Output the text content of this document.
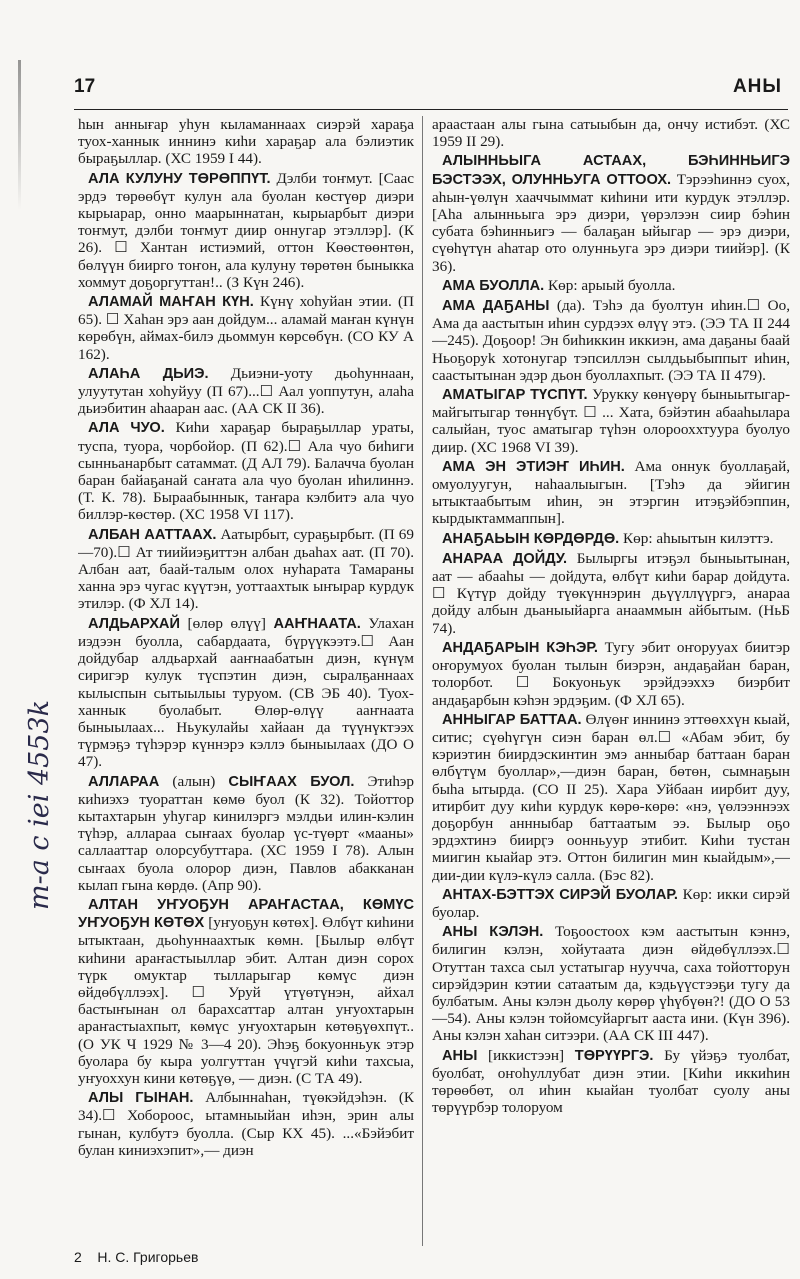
17	АНЫ

һын аннығар уһун кыламаннаах сиэрэй хараҕа туох-ханнык иннинэ киһи хараҕар ала бэлиэтик быраҕыллар. (ХС 1959 I 44).

АЛА КУЛУНУ ТӨРӨППҮТ. Дэлби тоҥмут. [Саас эрдэ төрөөбүт кулун ала буолан көстүөр диэри кырыарар, онно маарыннатан, кырыарбыт диэри тоҥмут, дэлби тоҥмут диир оннугар этэллэр]. (К 26). ☐ Хантан истиэмий, оттон Көөстөөнтөн, бөлүүн биирго тоҥон, ала кулуну төрөтөн быныкка хоммут доҕоргуттан!.. (З Күн 246).

АЛАМАЙ МАҤАН КҮН. Күнү хоһуйан этии. (П 65). ☐ Хаһан эрэ аан дойдум... аламай маҥан күнүн көрөбүн, аймах-билэ дьоммун көрсөбүн. (СО КУ А 162).

АЛАҺА ДЬИЭ. Дьиэни-уоту дьоһуннаан, улуутутан хоһуйуу (П 67)...☐ Аал уоппутун, алаһа дьиэбитин аһааран аас. (АА СК II 36).

АЛА ЧУО. Киһи хараҕар быраҕыллар ураты, туспа, туора, чорбойор. (П 62).☐ Ала чуо биһиги сынньанарбыт сатаммат. (Д АЛ 79). Балачча буолан баран байаҕанай саҥата ала чуо буолан иһилиннэ. (Т. К. 78). Быраабыннык, таҥара кэлбитэ ала чуо биллэр-көстөр. (ХС 1958 VI 117).

АЛБАН ААТТААХ. Аатырбыт, сураҕырбыт. (П 69—70).☐ Ат тиийиэҕиттэн албан дьаһах аат. (П 70). Албан аат, баай-талым олох нуһарата Тамараны ханна эрэ чугас күүтэн, уоттаахтык ыҥырар курдук этилэр. (Ф ХЛ 14).

АЛДЬАРХАЙ [өлөр өлүү] ААҤНААТА. Улахан иэдээн буолла, сабардаата, бүрүүкээтэ.☐ Аан дойдубар алдьархай ааҥнаабатын диэн, күнүм сиригэр кулук түспэтин диэн, сыралҕаннаах кылыспын сытыылыы туруом. (СВ ЭБ 40). Туох-ханнык буолабыт. Өлөр-өлүү ааҥнаата быныылаах... Ньукулайы хайаан да түүнүктээх түрмэҕэ түһэрэр күннэрэ кэллэ быныылаах (ДО О 47).

АЛЛАРАА (алын) СЫҤААХ БУОЛ. Этиһэр киһиэхэ туораттан көмө буол (К 32). Тойоттор кытахтарын уһугар кинилэргэ мэлдьи илин-кэлин түһэр, аллараа сыҥаах буолар үс-түөрт «мааны» саллааттар олорсубуттара. (ХС 1959 I 78). Алын сыҥаах буола олорор диэн, Павлов абакканан кылап гына көрдө. (Апр 90).

АЛТАН УҤУОҔУН АРАҤАСТАА, КӨМҮС УҤУОҔУН КӨТӨХ [уҥуоҕун көтөх]. Өлбүт киһини ытыктаан, дьоһуннаахтык көмн. [Былыр өлбүт киһини араҥастыыллар эбит. Алтан диэн сорох түрк омуктар тылларыгар көмүс диэн өйдөбүллээх]. ☐ Уруй үтүөтүнэн, айхал бастыҥынан ол барахсаттар алтан уҥуохтарын араҥастыахпыт, көмүс уҥуохтарын көтөҕүөхпүт.. (О УК Ч 1929 № 3—4 20). Эһэҕ бокуонньук этэр буолара бу кыра уолгуттан үчүгэй киһи тахсыа, уҥуоххун кини көтөҕүө, — диэн. (С ТА 49).

АЛЫ ГЫНАН. Албыннаһан, түөкэйдэһэн. (К 34).☐ Хобороос, ытамныыйан иһэн, эрин алы гынан, кулбутэ буолла. (Сыр КХ 45). ...«Бэйэбит булан киниэхэпит»,— диэн

араастаан алы гына сатыыбын да, ончу истибэт. (ХС 1959 II 29).

АЛЫННЬЫГА АСТААХ, БЭҺИННЬИГЭ БЭСТЭЭХ, ОЛУННЬУГА ОТТООХ. Тэрээһиннэ суох, аһын-үөлүн хааччыммат киһини ити курдук этэллэр. [Аһа алынньыга эрэ диэри, үөрэлээн сиир бэһин субата бэһинньигэ — балаҕан ыйыгар — эрэ диэри, сүөһүтүн аһатар ото олунньуга эрэ диэри тиийэр]. (К 36).

АМА БУОЛЛА. Көр: арыый буолла.

АМА ДАҔАНЫ (да). Тэһэ да буолтун иһин.☐ Оо, Ама да аастытын иһин сурдээх өлүү этэ. (ЭЭ ТА II 244—245). Доҕоор! Эн биһиккин иккиэн, ама даҕаны баай Ньоҕоруk хотонугар тэпсиллэн сылдьыбыппыт иһин, саастытынан эдэр дьон буоллахпыт. (ЭЭ ТА II 479).

АМАТЫГАР ТҮСПҮТ. Урукку көнүөрү быныытыгар-майгытыгар төннүбүт. ☐ ... Хата, бэйэтин абааһылара салыйан, туос аматыгар түһэн олорооххтуура буолуо диир. (ХС 1968 VI 39).

АМА ЭН ЭТИЭҤ ИҺИН. Ама оннук буоллаҕай, омуолуугун, наһаалыыгын. [Тэһэ да эйигин ытыктаабытым иһин, эн этэргин итэҕэйбэппин, кырдыктаммаппын].

АНАҔАЬЫН КӨРДӨРДӨ. Көр: аһыытын килэттэ.

АНАРАА ДОЙДУ. Былыргы итэҕэл быныытынан, аат — абааһы — дойдута, өлбүт киһи барар дойдута. ☐ Күтүр дойду түөкүннэрин дьүүллүүргэ, анараа дойду албын дьаныыйарга анааммын айбытым. (НьБ 74).

АНДАҔАРЫН КЭҺЭР. Тугу эбит оҥорууах биитэр оҥорумуох буолан тылын биэрэн, андаҕайан баран, толорбот. ☐ Бокуоньук эрэйдээххэ биэрбит андаҕарбын кэһэн эрдэҕим. (Ф ХЛ 65).

АННЫГАР БАТТАА. Өлүөҥ иннинэ эттөөххүн кыай, ситис; сүөһүгүн сиэн баран өл.☐ «Абам эбит, бу кэриэтин биирдэскинтин эмэ анныбар баттаан баран өлбүтүм буоллар»,—диэн баран, бөтөн, сымнаҕын быһа ытырда. (СО II 25). Хара Уйбаан иирбит дуу, итирбит дуу киһи курдук көрө-көрө: «нэ, үөлээннээх доҕорбун аннныбар баттаатым ээ. Былыр оҕо эрдэхтинэ биирӷэ оонньуур этибит. Киһи тустан миигин кыайар этэ. Оттон билигин мин кыайдым»,— дии-дии күлэ-күлэ салла. (Бэс 82).

АНТАХ-БЭТТЭХ СИРЭЙ БУОЛАР. Көр: икки сирэй буолар.

АНЫ КЭЛЭН. Тоҕоостоох кэм аастытын кэннэ, билигин кэлэн, хойутаата диэн өйдөбүллээх.☐ Отуттан тахса сыл устатыгар нуучча, саха тойотторун сирэйдэрин кэтии сатаатым да, кэдьүүстээҕи тугу да булбатым. Аны кэлэн дьолу көрөр үһүбүөн?! (ДО О 53—54). Аны кэлэн тойомсуйаргыт ааста ини. (Күн 396). Аны кэлэн хаһан ситээри. (АА СК III 447).

АНЫ [иккистээн] ТӨРҮҮРГЭ. Бу үйэҕэ туолбат, буолбат, оҥоһуллубат диэн этии. [Киһи иккиһин төрөөбөт, ол иһин кыайан туолбат суолу аны төрүүрбэр толоруом

m-a c iei 4553k
2 Н. С. Григорьев
